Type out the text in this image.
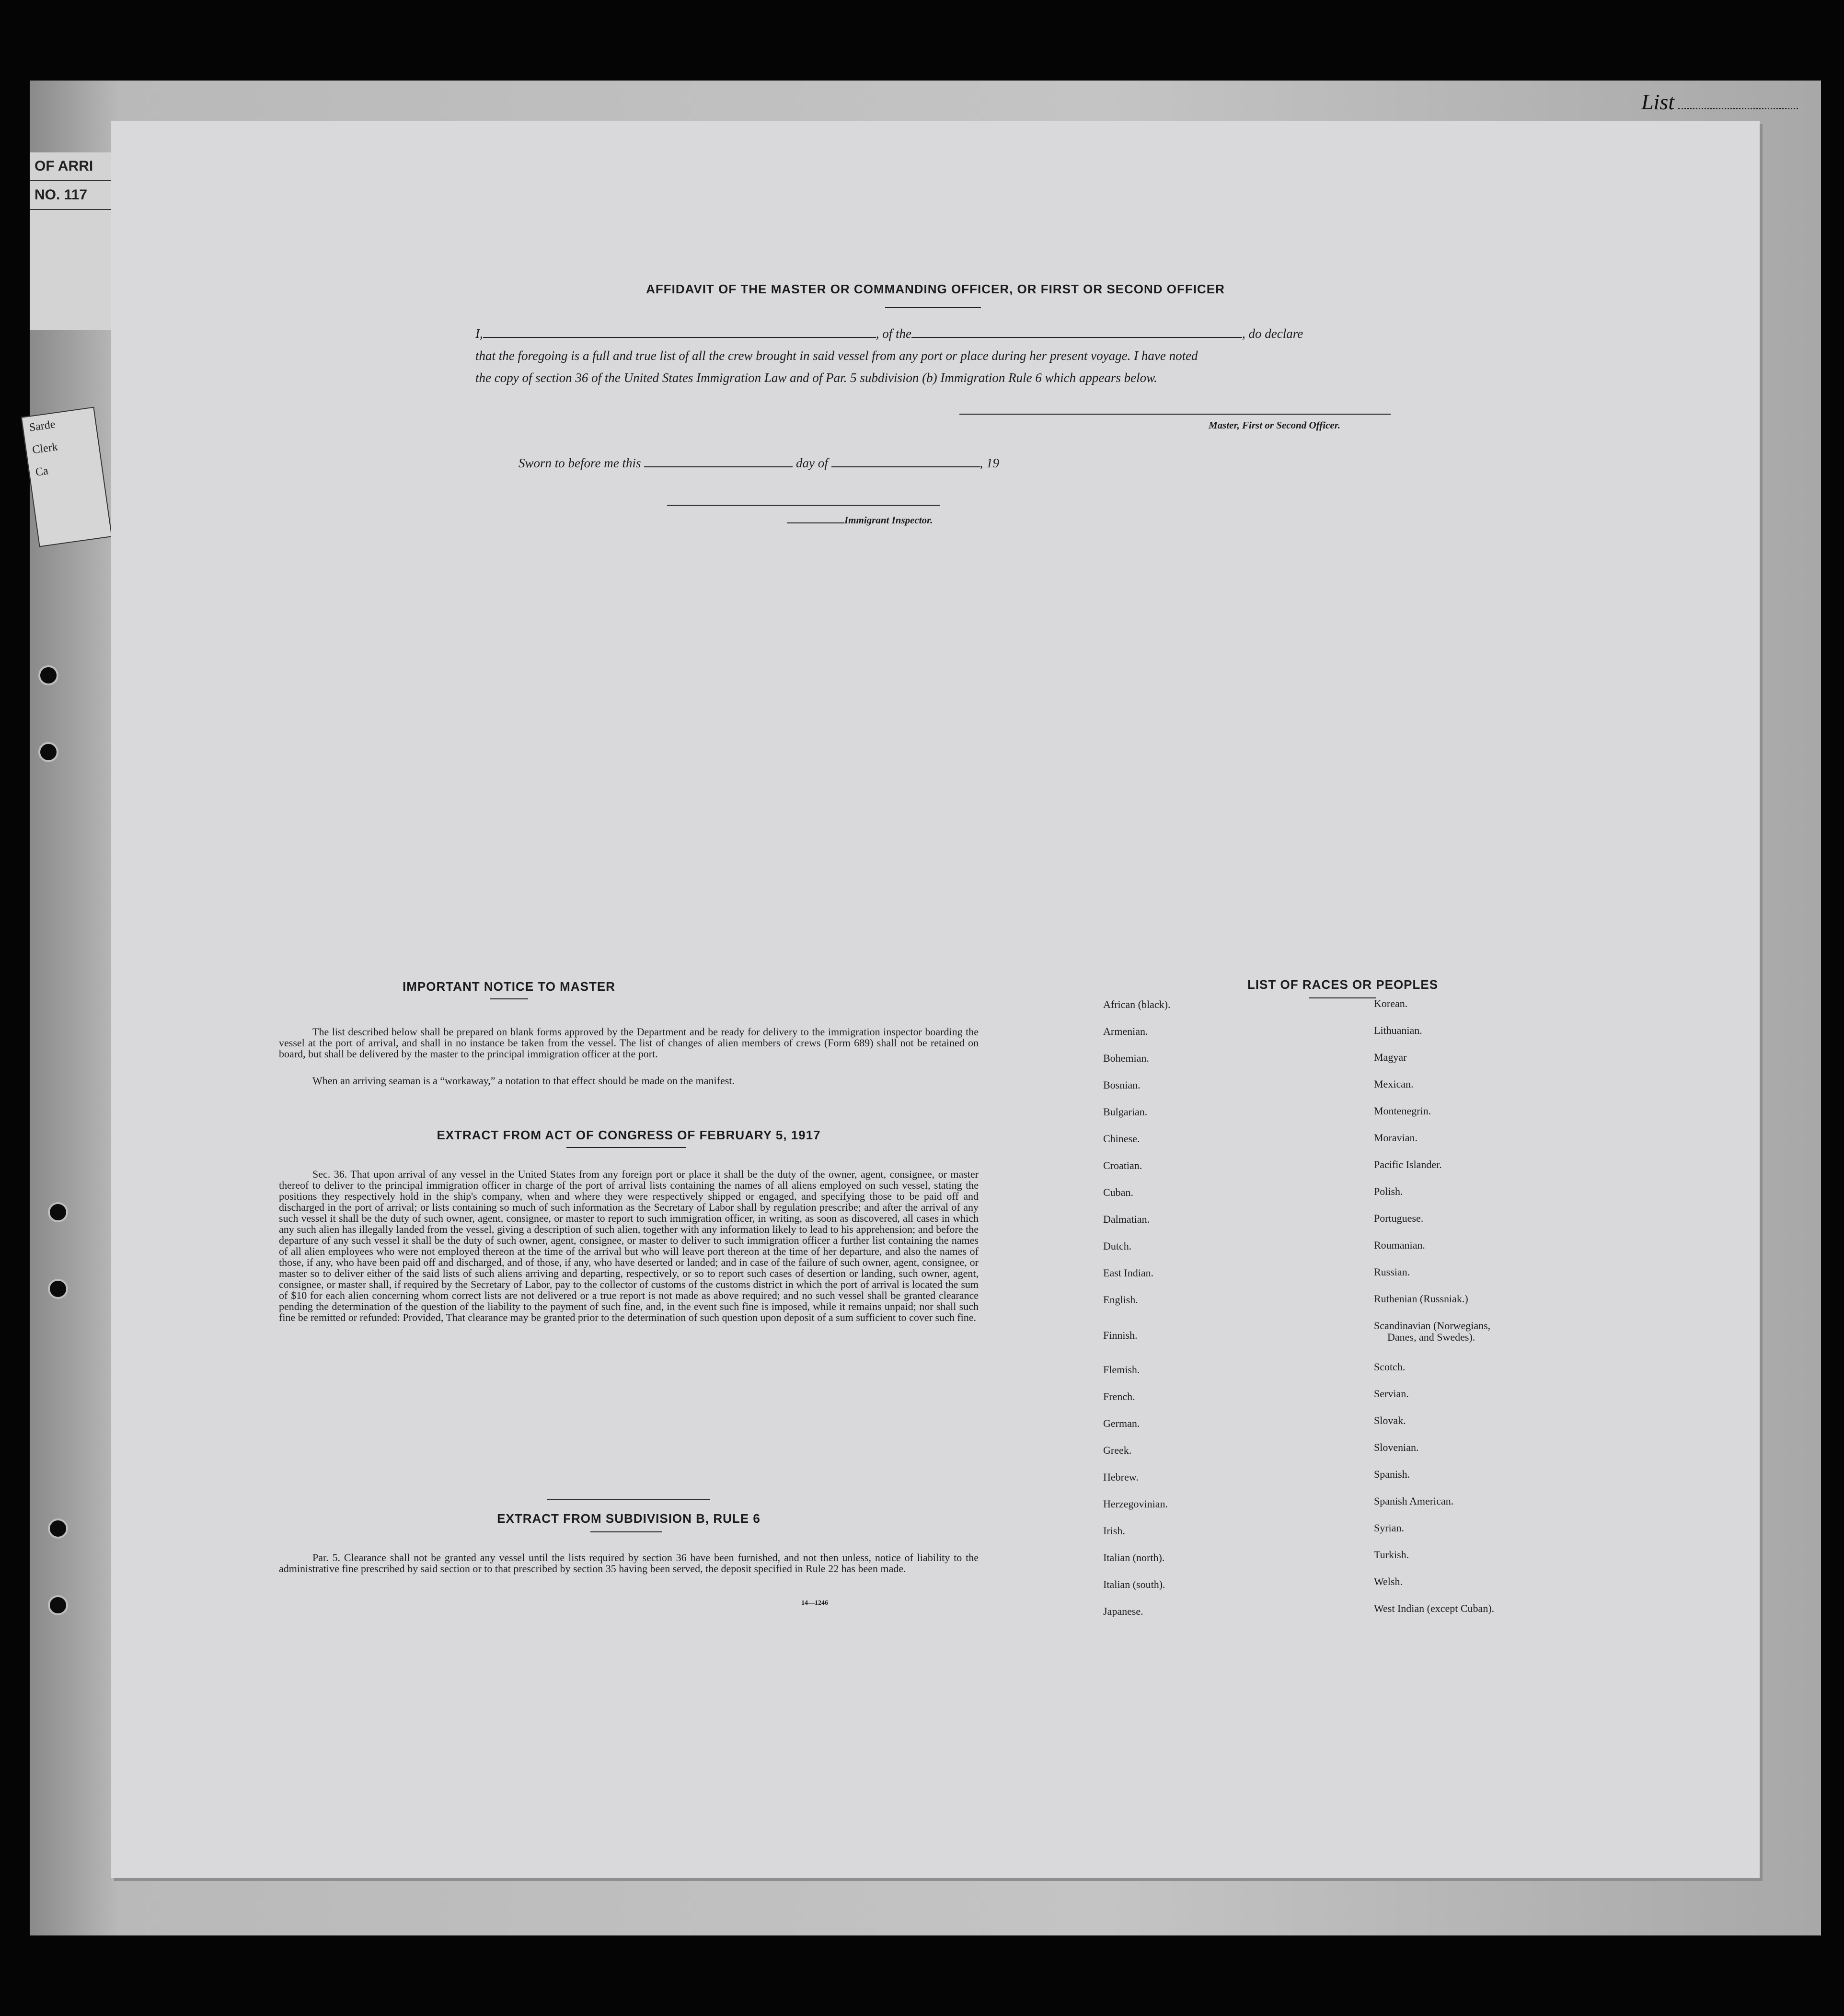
OF ARRI
NO. 117
Sarde
Clerk
Ca
List
AFFIDAVIT OF THE MASTER OR COMMANDING OFFICER, OR FIRST OR SECOND OFFICER
I,	, of the	, do declare
that the foregoing is a full and true list of all the crew brought in said vessel from any port or place during her present voyage. I have noted
the copy of section 36 of the United States Immigration Law and of Par. 5 subdivision (b) Immigration Rule 6 which appears below.
Master, First or Second Officer.
Sworn to before me this	day of	, 19
Immigrant Inspector.
IMPORTANT NOTICE TO MASTER
The list described below shall be prepared on blank forms approved by the Department and be ready for delivery to the immigration inspector boarding the vessel at the port of arrival, and shall in no instance be taken from the vessel. The list of changes of alien members of crews (Form 689) shall not be retained on board, but shall be delivered by the master to the principal immigration officer at the port.
When an arriving seaman is a “workaway,” a notation to that effect should be made on the manifest.
EXTRACT FROM ACT OF CONGRESS OF FEBRUARY 5, 1917
Sec. 36. That upon arrival of any vessel in the United States from any foreign port or place it shall be the duty of the owner, agent, consignee, or master thereof to deliver to the principal immigration officer in charge of the port of arrival lists containing the names of all aliens employed on such vessel, stating the positions they respectively hold in the ship's company, when and where they were respectively shipped or engaged, and specifying those to be paid off and discharged in the port of arrival; or lists containing so much of such information as the Secretary of Labor shall by regulation prescribe; and after the arrival of any such vessel it shall be the duty of such owner, agent, consignee, or master to report to such immigration officer, in writing, as soon as discovered, all cases in which any such alien has illegally landed from the vessel, giving a description of such alien, together with any information likely to lead to his apprehension; and before the departure of any such vessel it shall be the duty of such owner, agent, consignee, or master to deliver to such immigration officer a further list containing the names of all alien employees who were not employed thereon at the time of the arrival but who will leave port thereon at the time of her departure, and also the names of those, if any, who have been paid off and discharged, and of those, if any, who have deserted or landed; and in case of the failure of such owner, agent, consignee, or master so to deliver either of the said lists of such aliens arriving and departing, respectively, or so to report such cases of desertion or landing, such owner, agent, consignee, or master shall, if required by the Secretary of Labor, pay to the collector of customs of the customs district in which the port of arrival is located the sum of $10 for each alien concerning whom correct lists are not delivered or a true report is not made as above required; and no such vessel shall be granted clearance pending the determination of the question of the liability to the payment of such fine, and, in the event such fine is imposed, while it remains unpaid; nor shall such fine be remitted or refunded: Provided, That clearance may be granted prior to the determination of such question upon deposit of a sum sufficient to cover such fine.
EXTRACT FROM SUBDIVISION B, RULE 6
Par. 5. Clearance shall not be granted any vessel until the lists required by section 36 have been furnished, and not then unless, notice of liability to the administrative fine prescribed by said section or to that prescribed by section 35 having been served, the deposit specified in Rule 22 has been made.
14—1246
LIST OF RACES OR PEOPLES
African (black).
Armenian.
Bohemian.
Bosnian.
Bulgarian.
Chinese.
Croatian.
Cuban.
Dalmatian.
Dutch.
East Indian.
English.
Finnish.
Flemish.
French.
German.
Greek.
Hebrew.
Herzegovinian.
Irish.
Italian (north).
Italian (south).
Japanese.
Korean.
Lithuanian.
Magyar
Mexican.
Montenegrin.
Moravian.
Pacific Islander.
Polish.
Portuguese.
Roumanian.
Russian.
Ruthenian (Russniak.)
Scandinavian (Norwegians,
Danes, and Swedes).
Scotch.
Servian.
Slovak.
Slovenian.
Spanish.
Spanish American.
Syrian.
Turkish.
Welsh.
West Indian (except Cuban).
